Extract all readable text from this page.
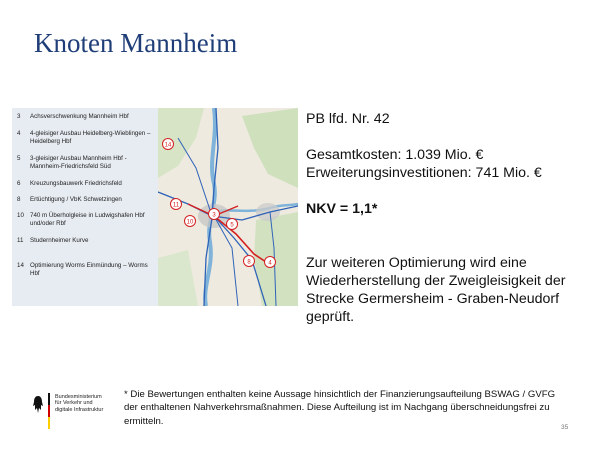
Knoten Mannheim
3	Achsverschwenkung Mannheim Hbf
4	4-gleisiger Ausbau Heidelberg-Wieblingen – Heidelberg Hbf
5	3-gleisiger Ausbau Mannheim Hbf - Mannheim-Friedrichsfeld Süd
6	Kreuzungsbauwerk Friedrichsfeld
8	Ertüchtigung / VbK Schwetzingen
10 740 m Überholgleise in Ludwigshafen Hbf und/oder Rbf
11	Studernheimer Kurve
14 Optimierung Worms Einmündung – Worms Hbf
14
11
3
10	5
8	4

PB lfd. Nr. 42

Gesamtkosten: 1.039 Mio. €

Erweiterungsinvestitionen: 741 Mio. €

NKV = 1,1*

Zur weiteren Optimierung wird eine Wiederherstellung der Zweigleisigkeit der Strecke Germersheim - Graben-Neudorf geprüft.

Bundesministerium
für Verkehr und
digitale Infrastruktur
* Die Bewertungen enthalten keine Aussage hinsichtlich der Finanzierungsaufteilung BSWAG / GVFG der enthaltenen Nahverkehrsmaßnahmen. Diese Aufteilung ist im Nachgang überschneidungsfrei zu ermitteln.
35
